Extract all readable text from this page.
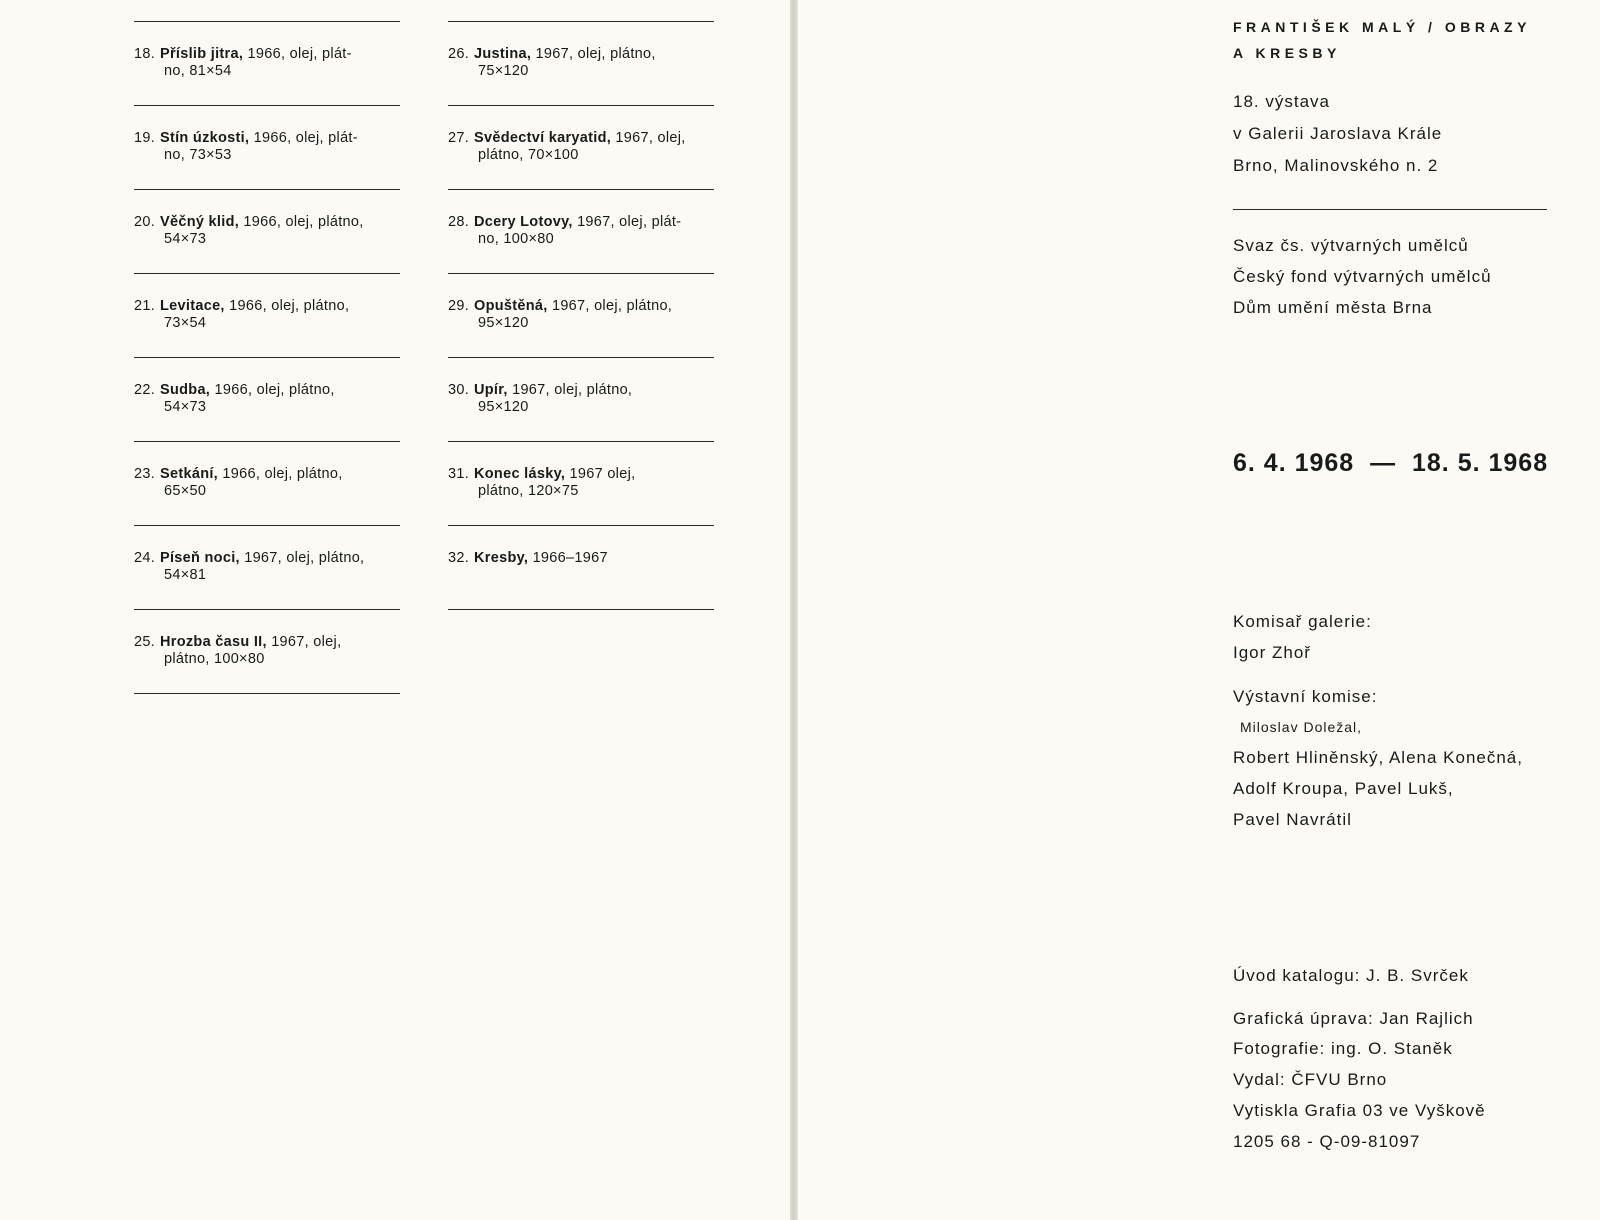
18. Příslib jitra, 1966, olej, plát-
no, 81×54
19. Stín úzkosti, 1966, olej, plát-
no, 73×53
20. Věčný klid, 1966, olej, plátno,
54×73
21. Levitace, 1966, olej, plátno,
73×54
22. Sudba, 1966, olej, plátno,
54×73
23. Setkání, 1966, olej, plátno,
65×50
24. Píseň noci, 1967, olej, plátno,
54×81
25. Hrozba času II, 1967, olej,
plátno, 100×80
26. Justina, 1967, olej, plátno,
75×120
27. Svědectví karyatid, 1967, olej,
plátno, 70×100
28. Dcery Lotovy, 1967, olej, plát-
no, 100×80
29. Opuštěná, 1967, olej, plátno,
95×120
30. Upír, 1967, olej, plátno,
95×120
31. Konec lásky, 1967 olej,
plátno, 120×75
32. Kresby, 1966–1967
FRANTIŠEK MALÝ / OBRAZY
A KRESBY
18. výstava
v Galerii Jaroslava Krále
Brno, Malinovského n. 2
Svaz čs. výtvarných umělců
Český fond výtvarných umělců
Dům umění města Brna
6. 4. 1968  —  18. 5. 1968
Komisař galerie:
Igor Zhoř
Výstavní komise:
Miloslav Doležal,
Robert Hliněnský, Alena Konečná,
Adolf Kroupa, Pavel Lukš,
Pavel Navrátil
Úvod katalogu: J. B. Svrček
Grafická úprava: Jan Rajlich
Fotografie: ing. O. Staněk
Vydal: ČFVU Brno
Vytiskla Grafia 03 ve Vyškově
1205 68 - Q-09-81097
